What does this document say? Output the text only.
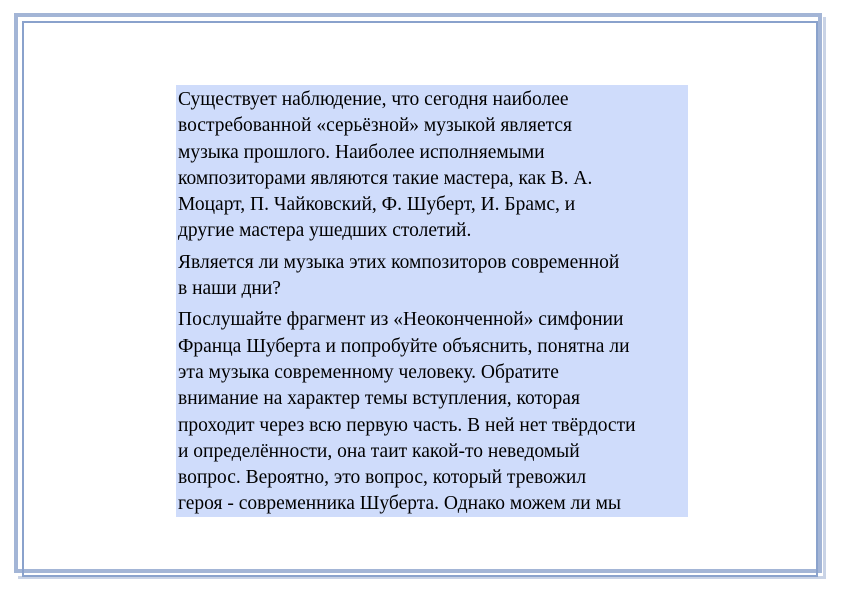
Существует наблюдение, что сегодня наиболее
востребованной «серьёзной» музыкой является
музыка прошлого. Наиболее исполняемыми
композиторами являются такие мастера, как В. А.
Моцарт, П. Чайковский, Ф. Шуберт, И. Брамс, и
другие мастера ушедших столетий.

Является ли музыка этих композиторов современной
в наши дни?

Послушайте фрагмент из «Неоконченной» симфонии
Франца Шуберта и попробуйте объяснить, понятна ли
эта музыка современному человеку. Обратите
внимание на характер темы вступления, которая
проходит через всю первую часть. В ней нет твёрдости
и определённости, она таит какой-то неведомый
вопрос. Вероятно, это вопрос, который тревожил
героя - современника Шуберта. Однако можем ли мы
